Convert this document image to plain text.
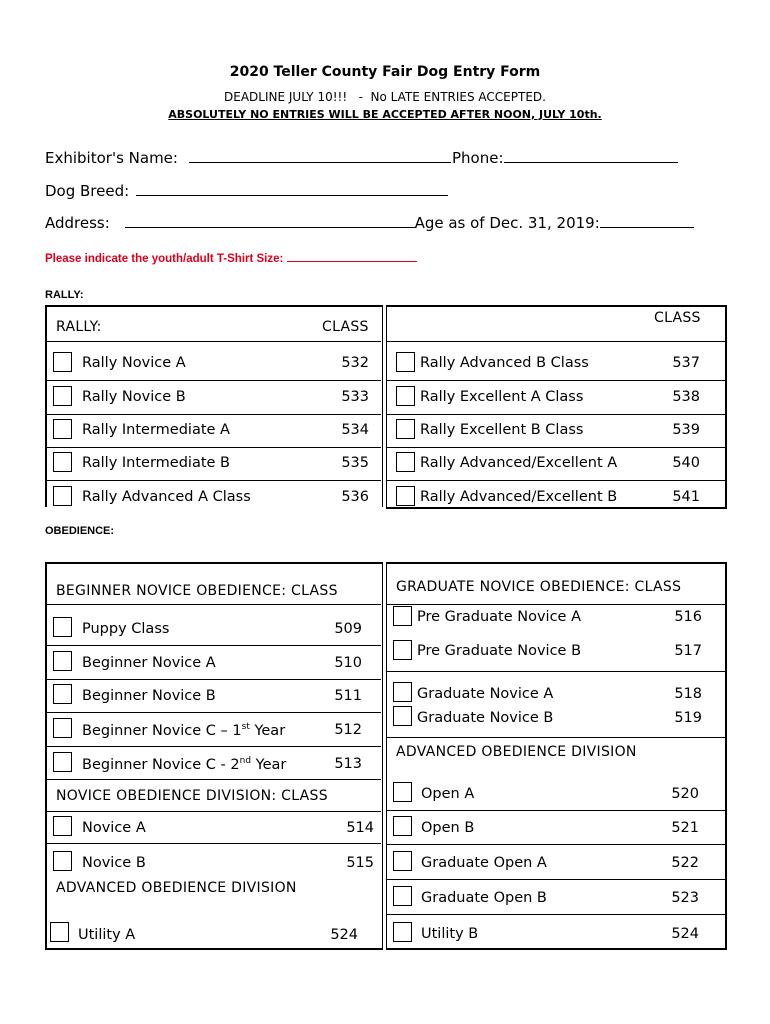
2020 Teller County Fair Dog Entry Form
DEADLINE JULY 10!!!   -  No LATE ENTRIES ACCEPTED.
ABSOLUTELY NO ENTRIES WILL BE ACCEPTED AFTER NOON, JULY 10th.
Exhibitor's Name:	Phone:
Dog Breed:
Address:	Age as of Dec. 31, 2019:
Please indicate the youth/adult T-Shirt Size:
RALLY:
RALLY:	CLASS
CLASS
Rally Novice A	532
Rally Novice B	533
Rally Intermediate A	534
Rally Intermediate B	535
Rally Advanced A Class	536
Rally Advanced B Class	537
Rally Excellent A Class	538
Rally Excellent B Class	539
Rally Advanced/Excellent A	540
Rally Advanced/Excellent B	541
OBEDIENCE:
BEGINNER NOVICE OBEDIENCE: CLASS	GRADUATE NOVICE OBEDIENCE: CLASS
NOVICE OBEDIENCE DIVISION: CLASS
ADVANCED OBEDIENCE DIVISION
ADVANCED OBEDIENCE DIVISION
Puppy Class	509
Beginner Novice A	510
Beginner Novice B	511
Beginner Novice C – 1st Year	512
Beginner Novice C - 2nd Year	513
Pre Graduate Novice A	516
Pre Graduate Novice B	517
Graduate Novice A	518
Graduate Novice B	519
Novice A	514
Novice B	515
Utility A	524
Open A	520
Open B	521
Graduate Open A	522
Graduate Open B	523
Utility B	524
